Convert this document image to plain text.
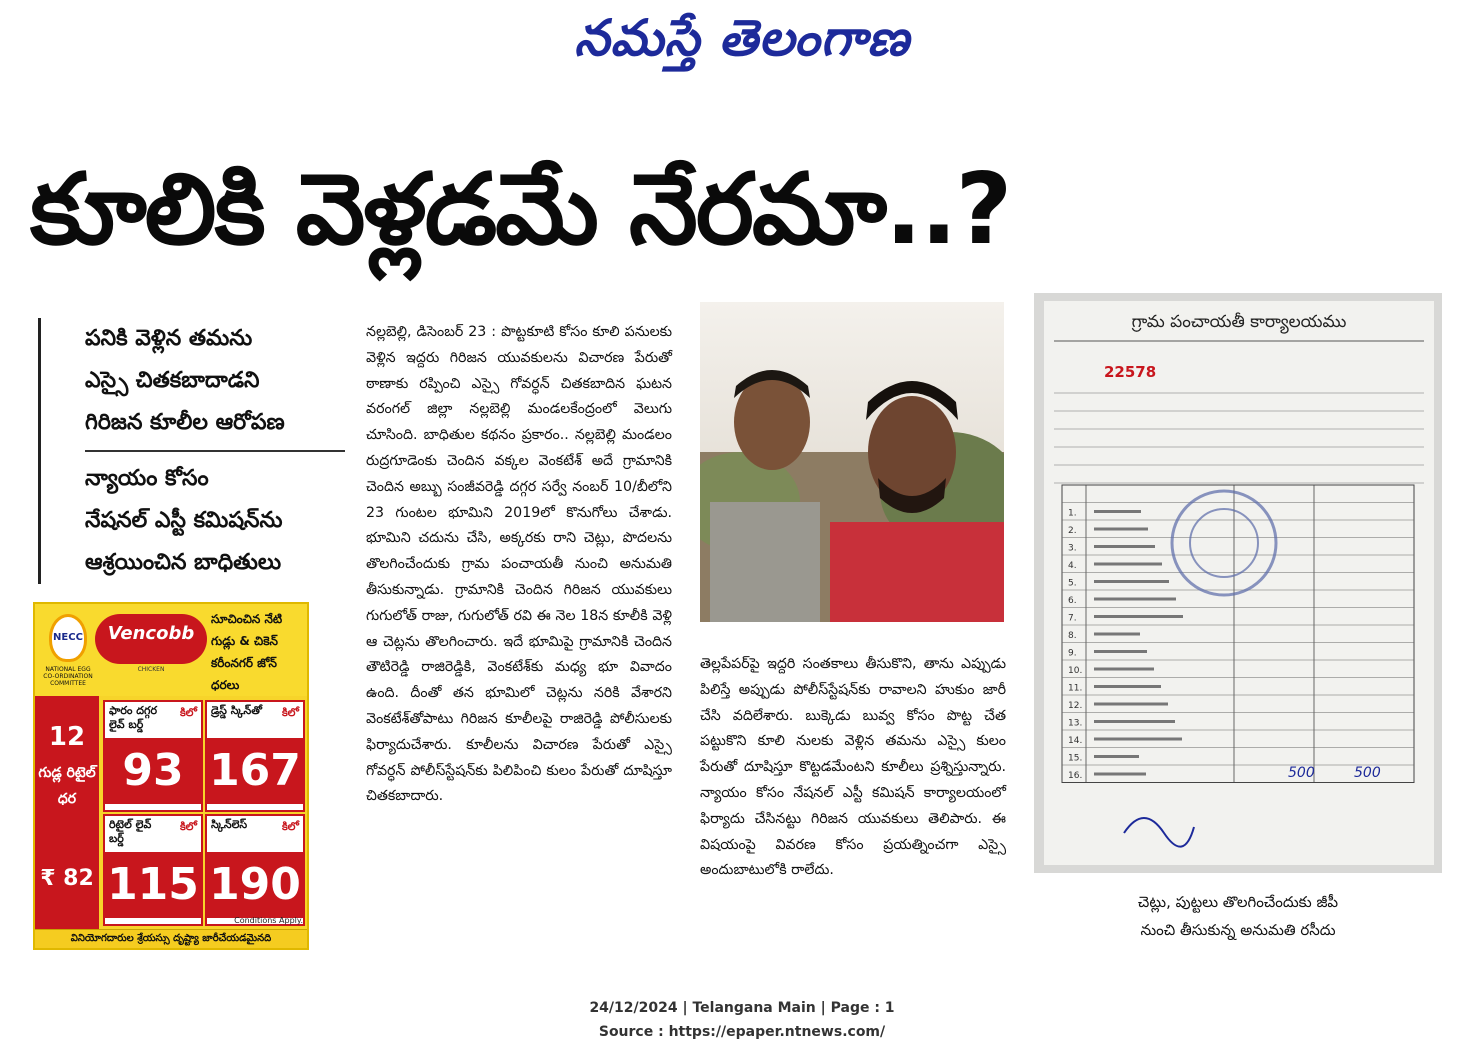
నమస్తే తెలంగాణ
కూలికి వెళ్లడమే నేరమా..?
పనికి వెళ్లిన తమను
ఎస్సై చితకబాదాడని
గిరిజన కూలీల ఆరోపణ
న్యాయం కోసం
నేషనల్ ఎస్టీ కమిషన్‌ను
ఆశ్రయించిన బాధితులు
NECC
NATIONAL EGG CO-ORDINATION COMMITTEE
Vencobb
CHICKEN
సూచించిన నేటి గుడ్లు & చికెన్ కరీంనగర్ జోన్ ధరలు
12
గుడ్ల రిటైల్ ధర
₹ 82
ఫారం దగ్గర లైవ్ బర్డ్
కిలో
93
డ్రెస్డ్ స్కిన్‌తో	కిలో
167
రిటైల్ లైవ్ బర్డ్
కిలో
115
స్కిన్‌లెస్	కిలో
190
Conditions Apply.
వినియోగదారుల శ్రేయస్సు దృష్ట్యా జారీచేయడమైనది
నల్లబెల్లి, డిసెంబర్ 23 : పొట్టకూటి కోసం కూలి పనులకు వెళ్లిన ఇద్దరు గిరిజన యువకులను విచారణ పేరుతో ఠాణాకు రప్పించి ఎస్సై గోవర్ధన్ చితకబాదిన ఘటన వరంగల్ జిల్లా నల్లబెల్లి మండలకేంద్రంలో వెలుగు చూసింది. బాధితుల కథనం ప్రకారం.. నల్లబెల్లి మండలం రుద్రగూడెంకు చెందిన వక్కల వెంకటేశ్ అదే గ్రామానికి చెందిన అబ్బు సంజీవరెడ్డి దగ్గర సర్వే నంబర్ 10/బీలోని 23 గుంటల భూమిని 2019లో కొనుగోలు చేశాడు. భూమిని చదును చేసి, అక్కరకు రాని చెట్లు, పొదలను తొలగించేందుకు గ్రామ పంచాయతీ నుంచి అనుమతి తీసుకున్నాడు. గ్రామానికి చెందిన గిరిజన యువకులు గుగులోత్ రాజు, గుగులోత్ రవి ఈ నెల 18న కూలీకి వెళ్లి ఆ చెట్లను తొలగించారు. ఇదే భూమిపై గ్రామానికి చెందిన తౌటిరెడ్డి రాజిరెడ్డికి, వెంకటేశ్‌కు మధ్య భూ వివాదం ఉంది. దీంతో తన భూమిలో చెట్లను నరికి వేశారని వెంకటేశ్‌తోపాటు గిరిజన కూలీలపై రాజిరెడ్డి పోలీసులకు ఫిర్యాదుచేశారు. కూలీలను విచారణ పేరుతో ఎస్సై గోవర్ధన్ పోలీస్‌స్టేషన్‌కు పిలిపించి కులం పేరుతో దూషిస్తూ చితకబాదారు.
తెల్లపేపర్‌పై ఇద్దరి సంతకాలు తీసుకొని, తాను ఎప్పుడు పిలిస్తే అప్పుడు పోలీస్‌స్టేషన్‌కు రావాలని హుకుం జారీ చేసి వదిలేశారు. బుక్కెడు బువ్వ కోసం పొట్ట చేత పట్టుకొని కూలి నులకు వెళ్లిన తమను ఎస్సై కులం పేరుతో దూషిస్తూ కొట్టడమేంటని కూలీలు ప్రశ్నిస్తున్నారు. న్యాయం కోసం నేషనల్ ఎస్టీ కమిషన్ కార్యాలయంలో ఫిర్యాదు చేసినట్టు గిరిజన యువకులు తెలిపారు. ఈ విషయంపై వివరణ కోసం ప్రయత్నించగా ఎస్సై అందుబాటులోకి రాలేదు.
గ్రామ పంచాయతీ కార్యాలయము
22578
1.
2.
3.
4.
5.
6.
7.
8.
9.
10.
11.
12.
13.
14.
15.
16.	500	500
చెట్లు, పుట్టలు తొలగించేందుకు జీపీ
నుంచి తీసుకున్న అనుమతి రసీదు
24/12/2024 | Telangana Main | Page : 1
Source : https://epaper.ntnews.com/
